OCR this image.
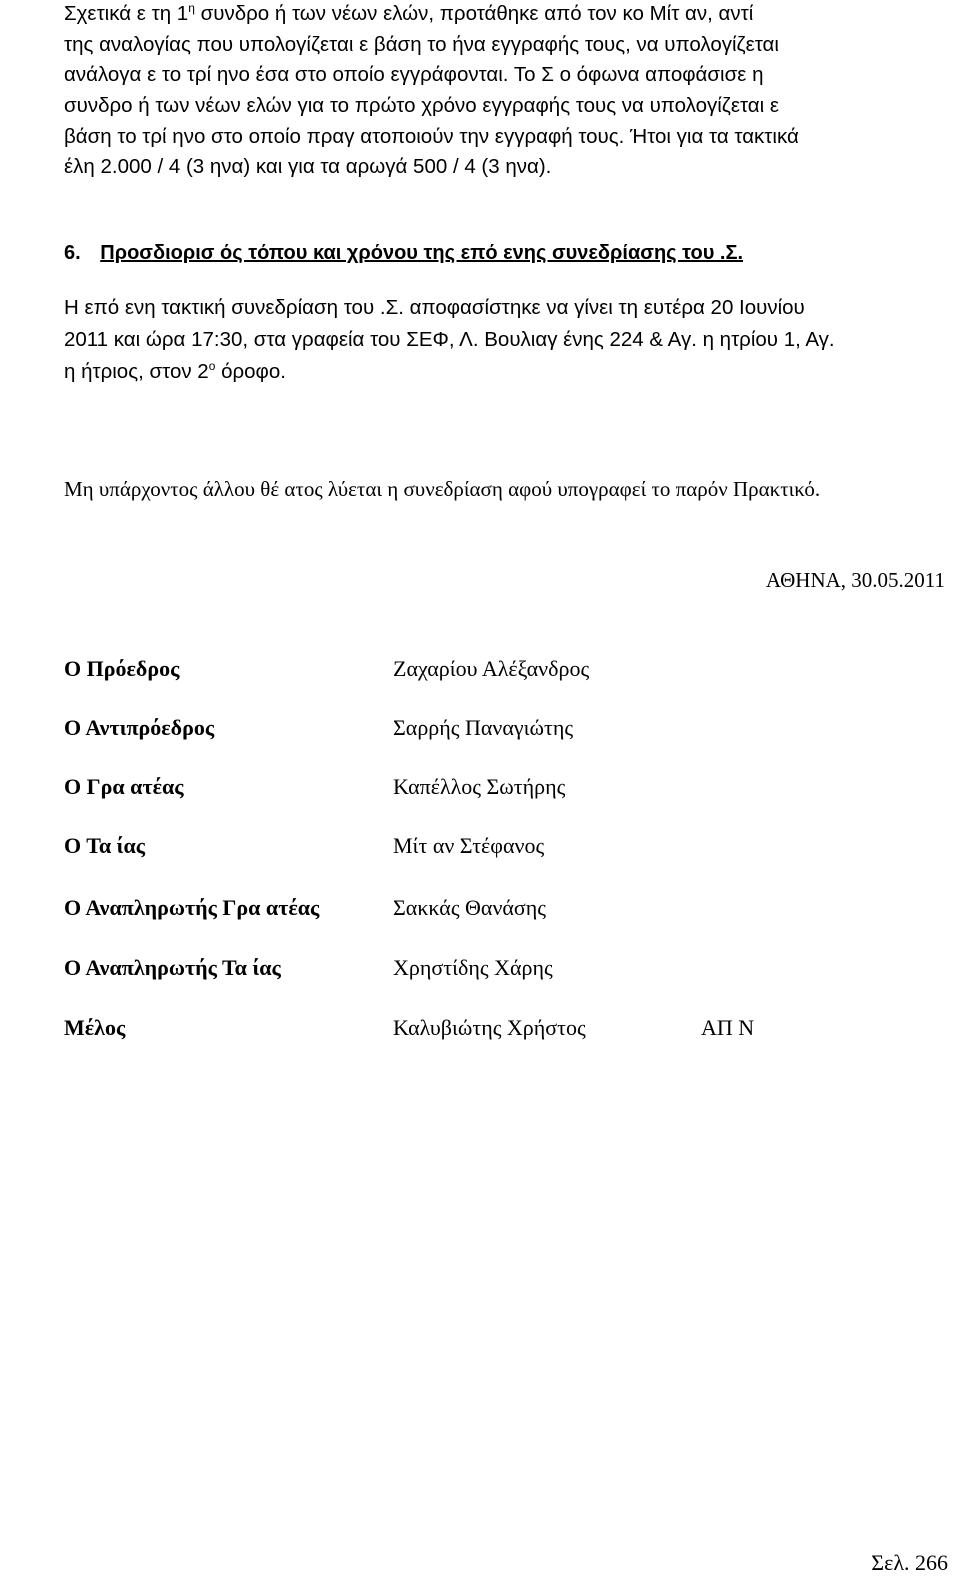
Σχετικά ε τη $1^\eta$ συνδρο ή των νέων ελών, προτάθηκε από τον κο Μίτ αν, αντί
της αναλογίας που υπολογίζεται ε βάση το ήνα εγγραφής τους, να υπολογίζεται
ανάλογα ε το τρί ηνο έσα στο οποίο εγγράφονται. Το Σ ο όφωνα αποφάσισε η
συνδρο ή των νέων ελών για το πρώτο χρόνο εγγραφής τους να υπολογίζεται ε
βάση το τρί ηνο στο οποίο πραγ ατοποιούν την εγγραφή τους. Ήτοι για τα τακτικά
έλη 2.000 / 4 (3 ηνα) και για τα αρωγά 500 / 4 (3 ηνα).
6. Προσδιορισ ός τόπου και χρόνου της επό ενης συνεδρίασης του .Σ.
Η επό ενη τακτική συνεδρίαση του .Σ. αποφασίστηκε να γίνει τη ευτέρα 20 Ιουνίου
2011 και ώρα 17:30, στα γραφεία του ΣΕΦ, Λ. Βουλιαγ ένης 224 & Αγ. η ητρίου 1, Αγ.
η ήτριος, στον $2^o$ όροφο.
Μη υπάρχοντος άλλου θέ ατος λύεται η συνεδρίαση αφού υπογραφεί το παρόν Πρακτικό.
ΑΘΗΝΑ, 30.05.2011
Ο Πρόεδρος	Ζαχαρίου Αλέξανδρος
Ο Αντιπρόεδρος	Σαρρής Παναγιώτης
Ο Γρα ατέας	Καπέλλος Σωτήρης
Ο Τα ίας	Μίτ αν Στέφανος
Ο Αναπληρωτής Γρα ατέας	Σακκάς Θανάσης
Ο Αναπληρωτής Τα ίας	Χρηστίδης Χάρης
Μέλος	Καλυβιώτης Χρήστος	ΑΠ Ν
Σελ. 266
